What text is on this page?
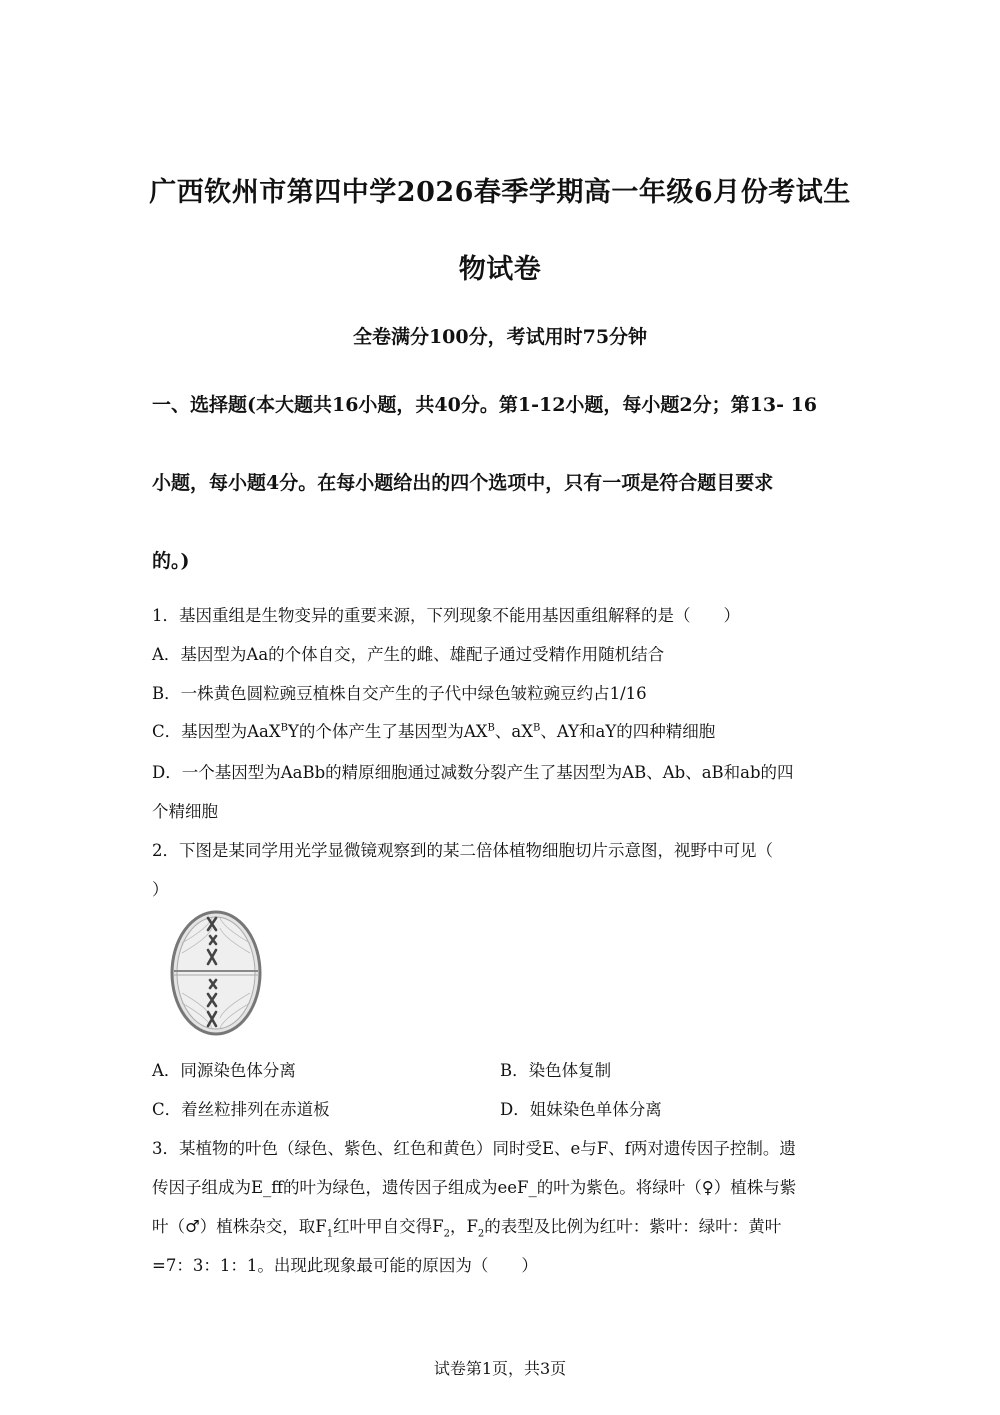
广西钦州市第四中学2026春季学期高一年级6月份考试生
物试卷
全卷满分100分，考试用时75分钟
一、选择题(本大题共16小题，共40分。第1-12小题，每小题2分；第13- 16
小题，每小题4分。在每小题给出的四个选项中，只有一项是符合题目要求
的。)
1．基因重组是生物变异的重要来源，下列现象不能用基因重组解释的是（　　）
A．基因型为Aa的个体自交，产生的雌、雄配子通过受精作用随机结合
B．一株黄色圆粒豌豆植株自交产生的子代中绿色皱粒豌豆约占1/16
C．基因型为AaX$^B$Y的个体产生了基因型为$AX^B$、$aX^B$、AY和aY的四种精细胞
D．一个基因型为AaBb的精原细胞通过减数分裂产生了基因型为AB、Ab、aB和ab的四
个精细胞
2．下图是某同学用光学显微镜观察到的某二倍体植物细胞切片示意图，视野中可见（
）
A．同源染色体分离	B．染色体复制
C．着丝粒排列在赤道板	D．姐妹染色单体分离
3．某植物的叶色（绿色、紫色、红色和黄色）同时受E、e与F、f两对遗传因子控制。遗
传因子组成为E_ff的叶为绿色，遗传因子组成为eeF_的叶为紫色。将绿叶（♀）植株与紫
叶（♂）植株杂交，取$F_1$红叶甲自交得$F_2$，$F_2$的表型及比例为红叶：紫叶：绿叶：黄叶
=7：3：1：1。出现此现象最可能的原因为（　　）
试卷第1页，共3页
